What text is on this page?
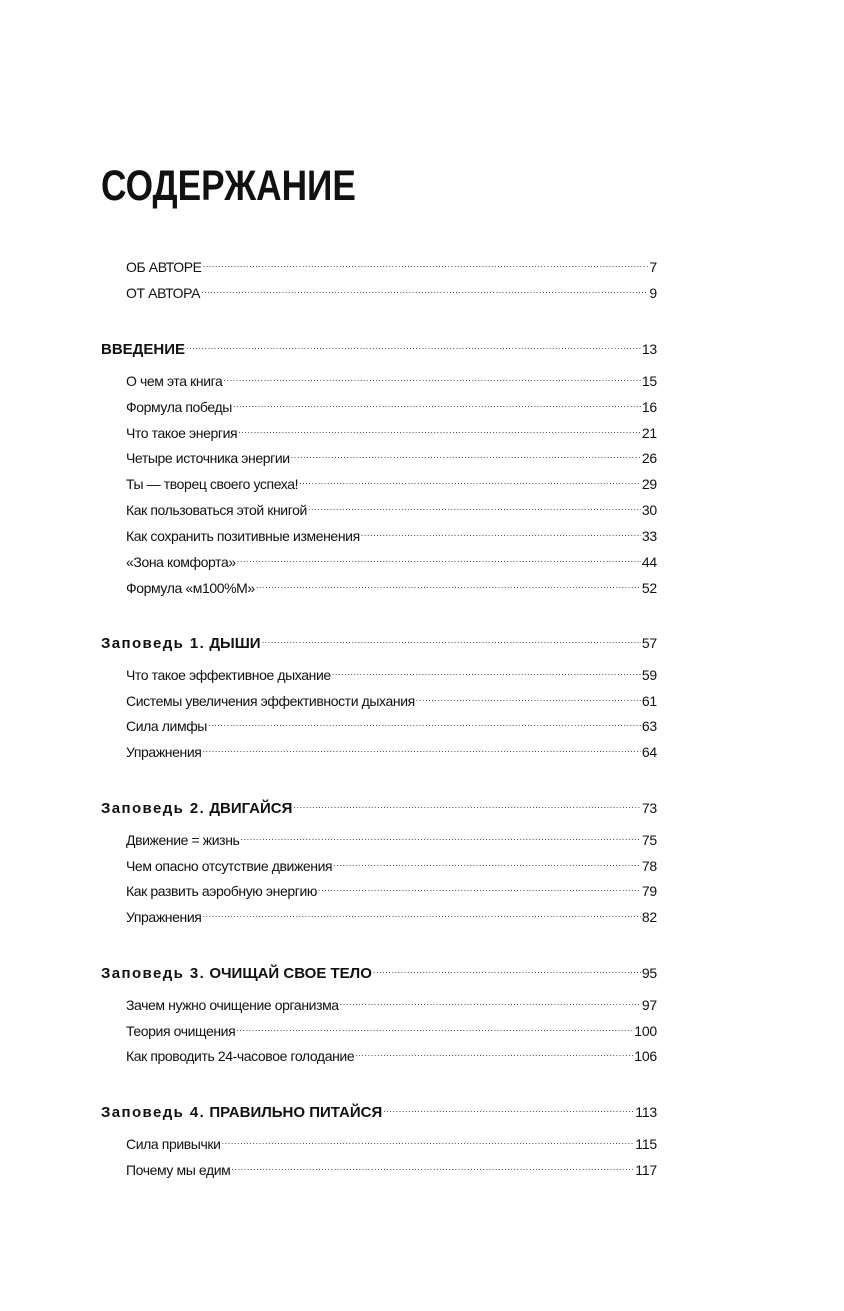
СОДЕРЖАНИЕ
ОБ АВТОРЕ .....	7
ОТ АВТОРА .....	9
ВВЕДЕНИЕ .....	13
О чем эта книга .....	15
Формула победы .....	16
Что такое энергия .....	21
Четыре источника энергии .....	26
Ты — творец своего успеха! .....	29
Как пользоваться этой книгой .....	30
Как сохранить позитивные изменения .....	33
«Зона комфорта» .....	44
Формула «м100%М» .....	52
Заповедь 1. ДЫШИ .....	57
Что такое эффективное дыхание .....	59
Системы увеличения эффективности дыхания .....	61
Сила лимфы .....	63
Упражнения .....	64
Заповедь 2. ДВИГАЙСЯ .....	73
Движение = жизнь .....	75
Чем опасно отсутствие движения .....	78
Как развить аэробную энергию .....	79
Упражнения .....	82
Заповедь 3. ОЧИЩАЙ СВОЕ ТЕЛО .....	95
Зачем нужно очищение организма .....	97
Теория очищения .....	100
Как проводить 24-часовое голодание .....	106
Заповедь 4. ПРАВИЛЬНО ПИТАЙСЯ .....	113
Сила привычки .....	115
Почему мы едим .....	117
